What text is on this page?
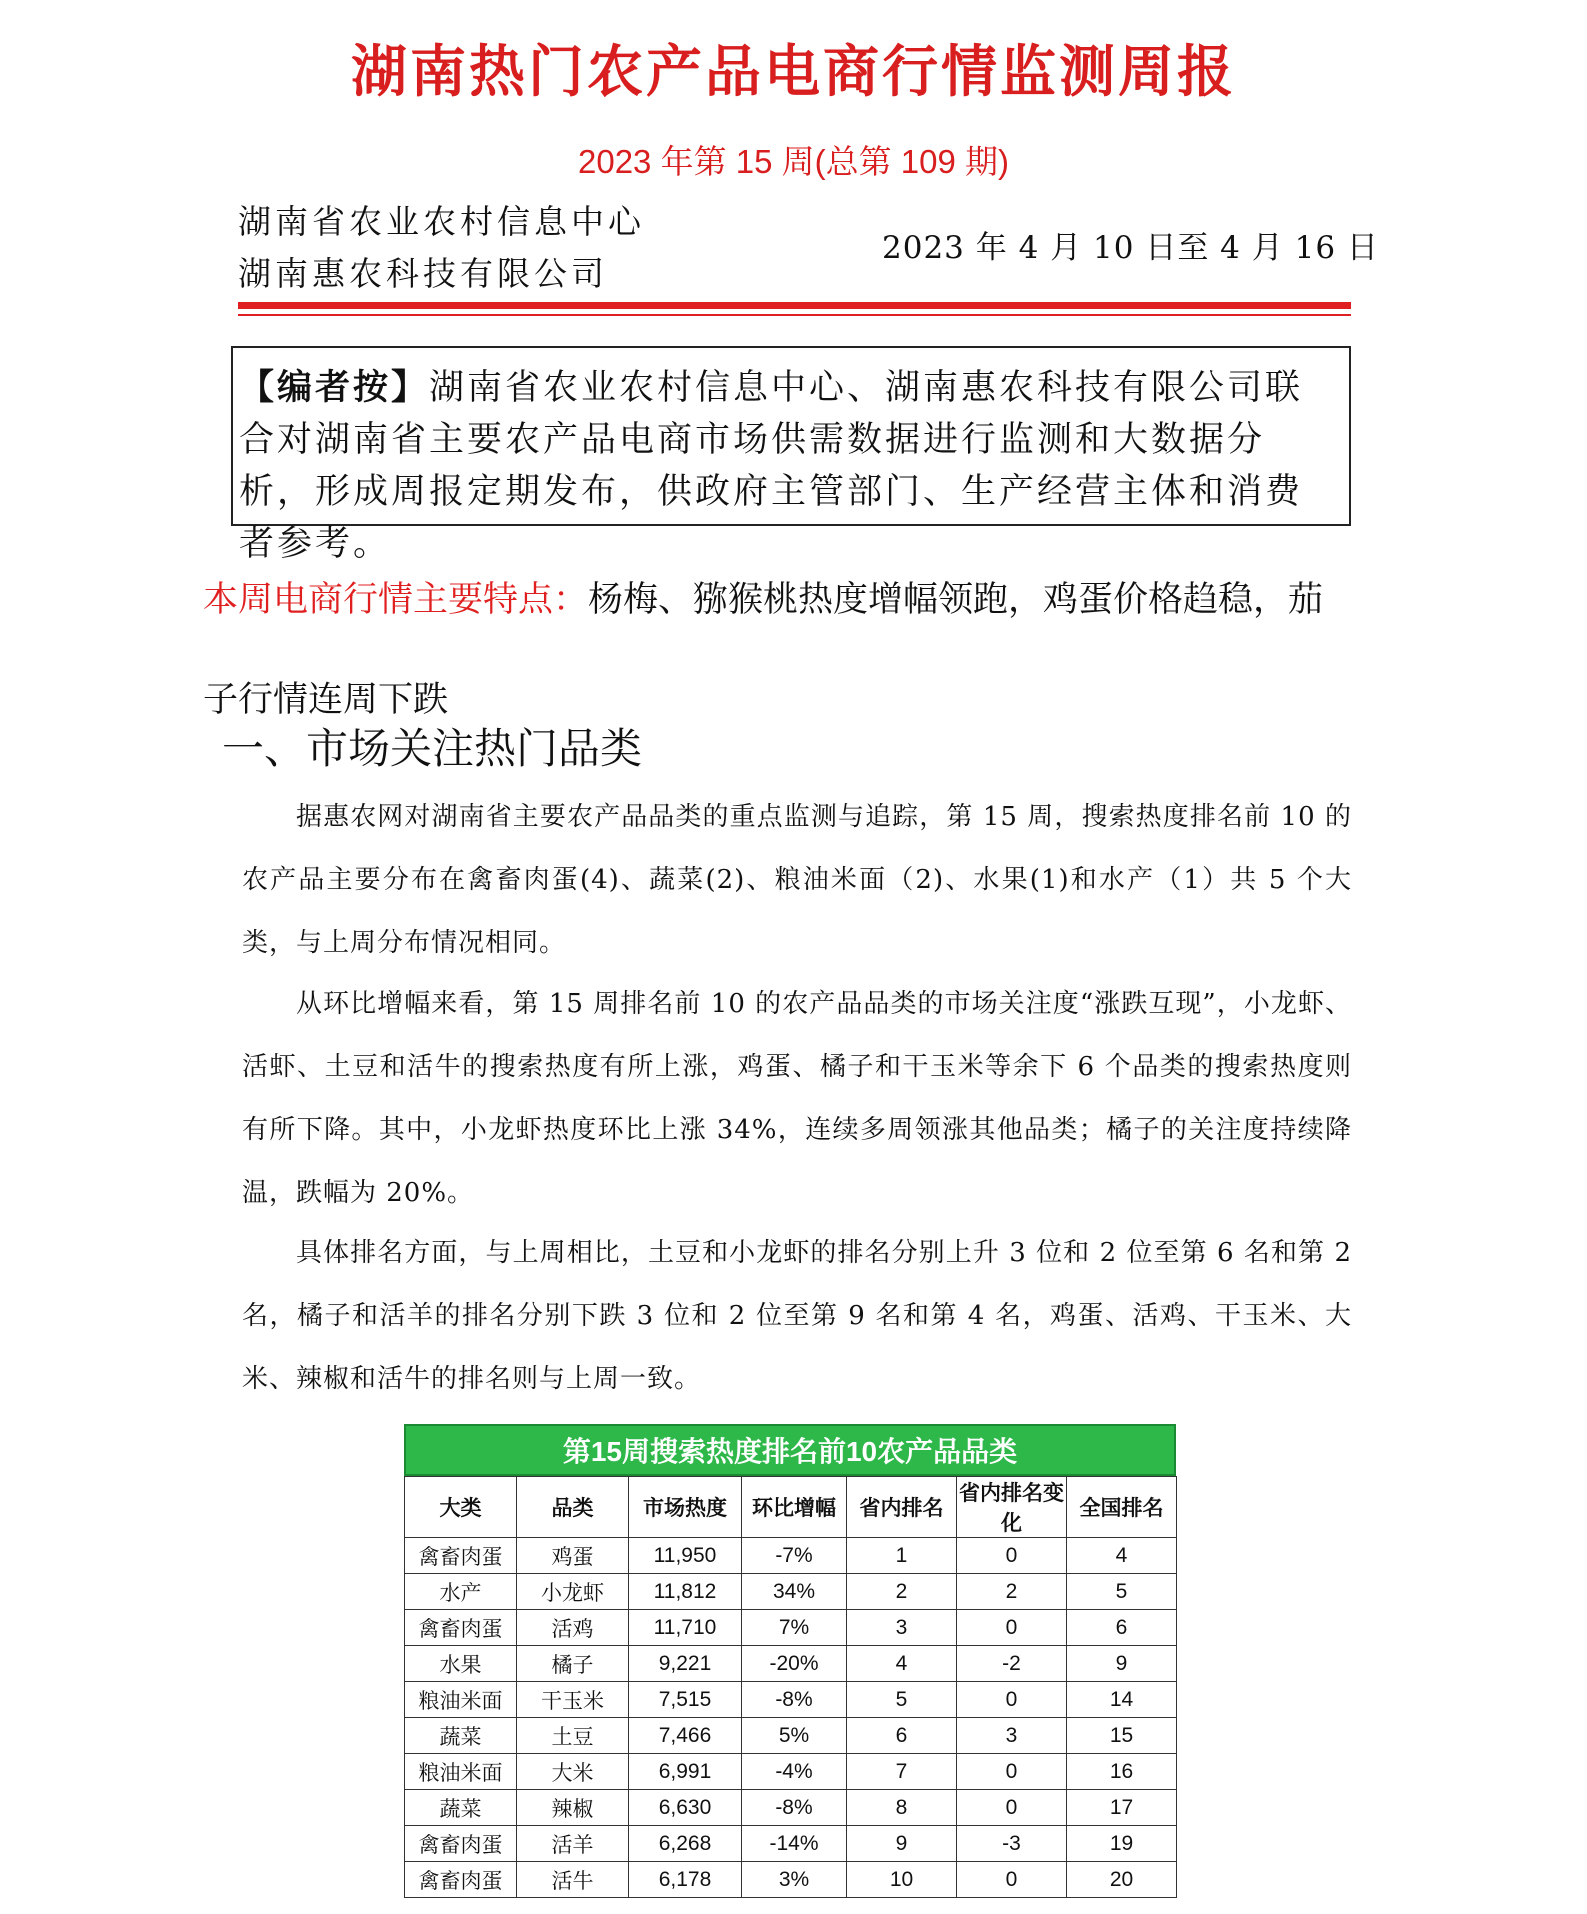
湖南热门农产品电商行情监测周报
2023 年第 15 周(总第 109 期)
湖南省农业农村信息中心
湖南惠农科技有限公司
2023 年 4 月 10 日至 4 月 16 日
【编者按】湖南省农业农村信息中心、湖南惠农科技有限公司联合对湖南省主要农产品电商市场供需数据进行监测和大数据分析，形成周报定期发布，供政府主管部门、生产经营主体和消费者参考。
本周电商行情主要特点：杨梅、猕猴桃热度增幅领跑，鸡蛋价格趋稳，茄子行情连周下跌
一、市场关注热门品类
据惠农网对湖南省主要农产品品类的重点监测与追踪，第 15 周，搜索热度排名前 10 的农产品主要分布在禽畜肉蛋(4)、蔬菜(2)、粮油米面（2)、水果(1)和水产（1）共 5 个大类，与上周分布情况相同。
从环比增幅来看，第 15 周排名前 10 的农产品品类的市场关注度“涨跌互现”，小龙虾、活虾、土豆和活牛的搜索热度有所上涨，鸡蛋、橘子和干玉米等余下 6 个品类的搜索热度则有所下降。其中，小龙虾热度环比上涨 34%，连续多周领涨其他品类；橘子的关注度持续降温，跌幅为 20%。
具体排名方面，与上周相比，土豆和小龙虾的排名分别上升 3 位和 2 位至第 6 名和第 2 名，橘子和活羊的排名分别下跌 3 位和 2 位至第 9 名和第 4 名，鸡蛋、活鸡、干玉米、大米、辣椒和活牛的排名则与上周一致。
第15周搜索热度排名前10农产品品类
大类	品类	市场热度	环比增幅	省内排名	省内排名变化	全国排名
禽畜肉蛋	鸡蛋	11,950	-7%	1	0	4
水产	小龙虾	11,812	34%	2	2	5
禽畜肉蛋	活鸡	11,710	7%	3	0	6
水果	橘子	9,221	-20%	4	-2	9
粮油米面	干玉米	7,515	-8%	5	0	14
蔬菜	土豆	7,466	5%	6	3	15
粮油米面	大米	6,991	-4%	7	0	16
蔬菜	辣椒	6,630	-8%	8	0	17
禽畜肉蛋	活羊	6,268	-14%	9	-3	19
禽畜肉蛋	活牛	6,178	3%	10	0	20
